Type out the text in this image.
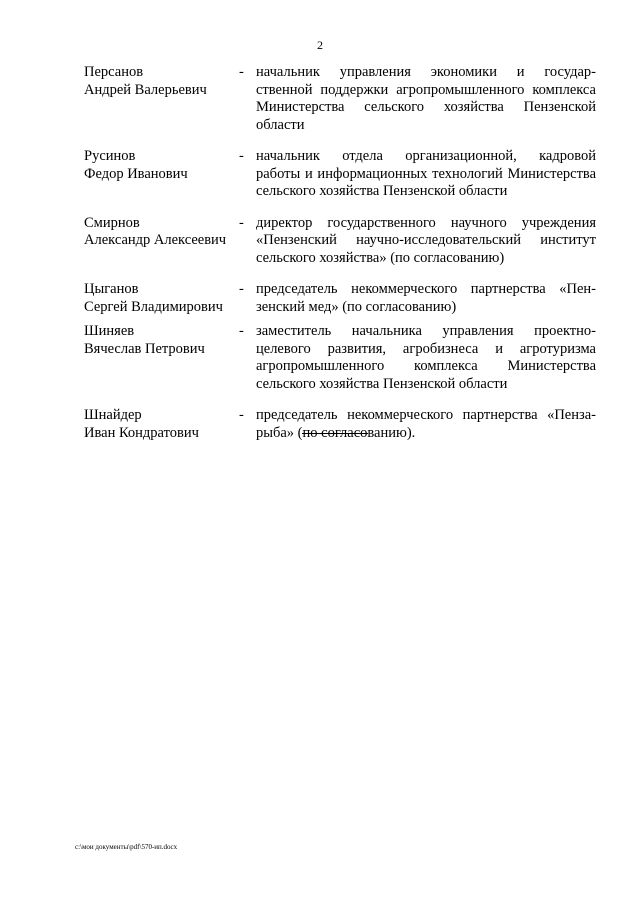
2
Персанов
Андрей Валерьевич
- начальник управления экономики и государ-
ственной поддержки агропромышленного комплекса
Министерства сельского хозяйства Пензенской
области
Русинов
Федор Иванович
- начальник отдела организационной, кадровой
работы и информационных технологий Министерства
сельского хозяйства Пензенской области
Смирнов
Александр Алексеевич
- директор государственного научного учреждения
«Пензенский научно-исследовательский институт
сельского хозяйства» (по согласованию)
Цыганов
Сергей Владимирович
- председатель некоммерческого партнерства «Пен-
зенский мед» (по согласованию)
Шиняев
Вячеслав Петрович
- заместитель начальника управления проектно-
целевого развития, агробизнеса и агротуризма
агропромышленного комплекса Министерства
сельского хозяйства Пензенской области
Шнайдер
Иван Кондратович
- председатель некоммерческого партнерства «Пенза-
рыба» (по согласованию).
c:\мои документы\pdf\570-ип.docx
